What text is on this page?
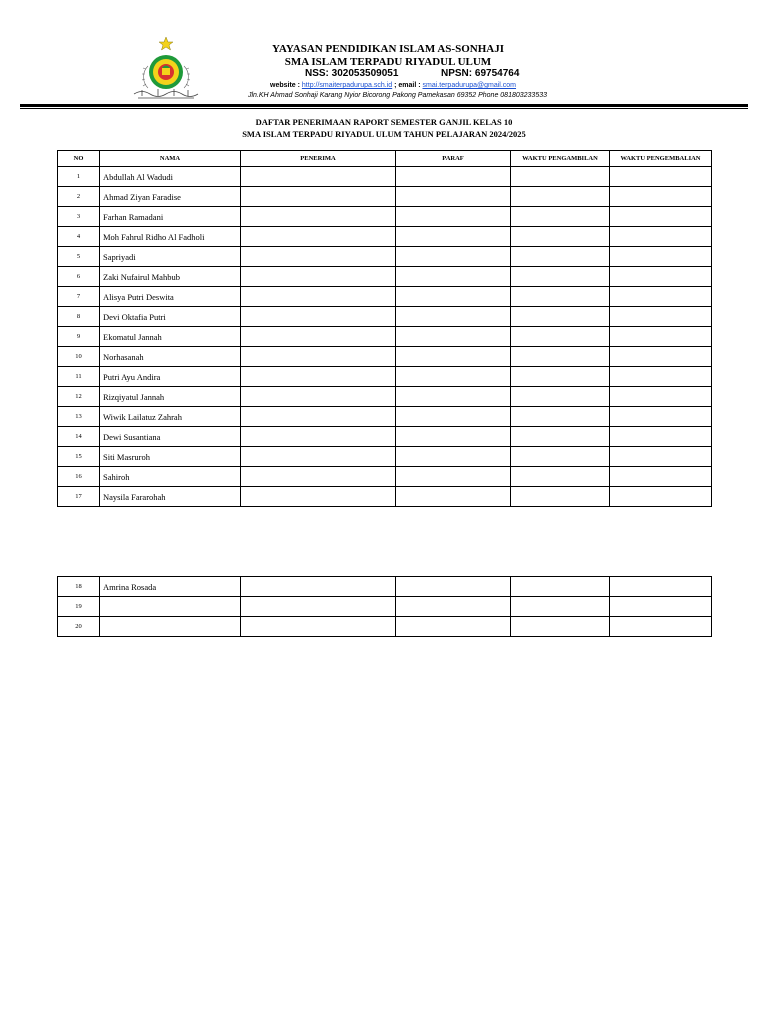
YAYASAN PENDIDIKAN ISLAM AS-SONHAJI
SMA ISLAM TERPADU RIYADUL ULUM
NSS: 302053509051	NPSN: 69754764
website : http://smaiterpadurupa.sch.id ; email : smai.terpadurupa@gmail.com
Jln.KH Ahmad Sonhaji Karang Nyior Bicorong Pakong Pamekasan 69352 Phone 081803233533
DAFTAR PENERIMAAN RAPORT SEMESTER GANJIL KELAS 10
SMA ISLAM TERPADU RIYADUL ULUM TAHUN PELAJARAN 2024/2025
NO	NAMA	PENERIMA	PARAF	WAKTU PENGAMBILAN	WAKTU PENGEMBALIAN
1	Abdullah Al Wadudi				
2	Ahmad Ziyan Faradise				
3	Farhan Ramadani				
4	Moh Fahrul Ridho Al Fadholi				
5	Sapriyadi				
6	Zaki Nufairul Mahbub				
7	Alisya Putri Deswita				
8	Devi Oktafia Putri				
9	Ekomatul Jannah				
10	Norhasanah				
11	Putri Ayu Andira				
12	Rizqiyatul Jannah				
13	Wiwik Lailatuz Zahrah				
14	Dewi Susantiana				
15	Siti Masruroh				
16	Sahiroh				
17	Naysila Fararohah				
18	Amrina Rosada				
19					
20					
